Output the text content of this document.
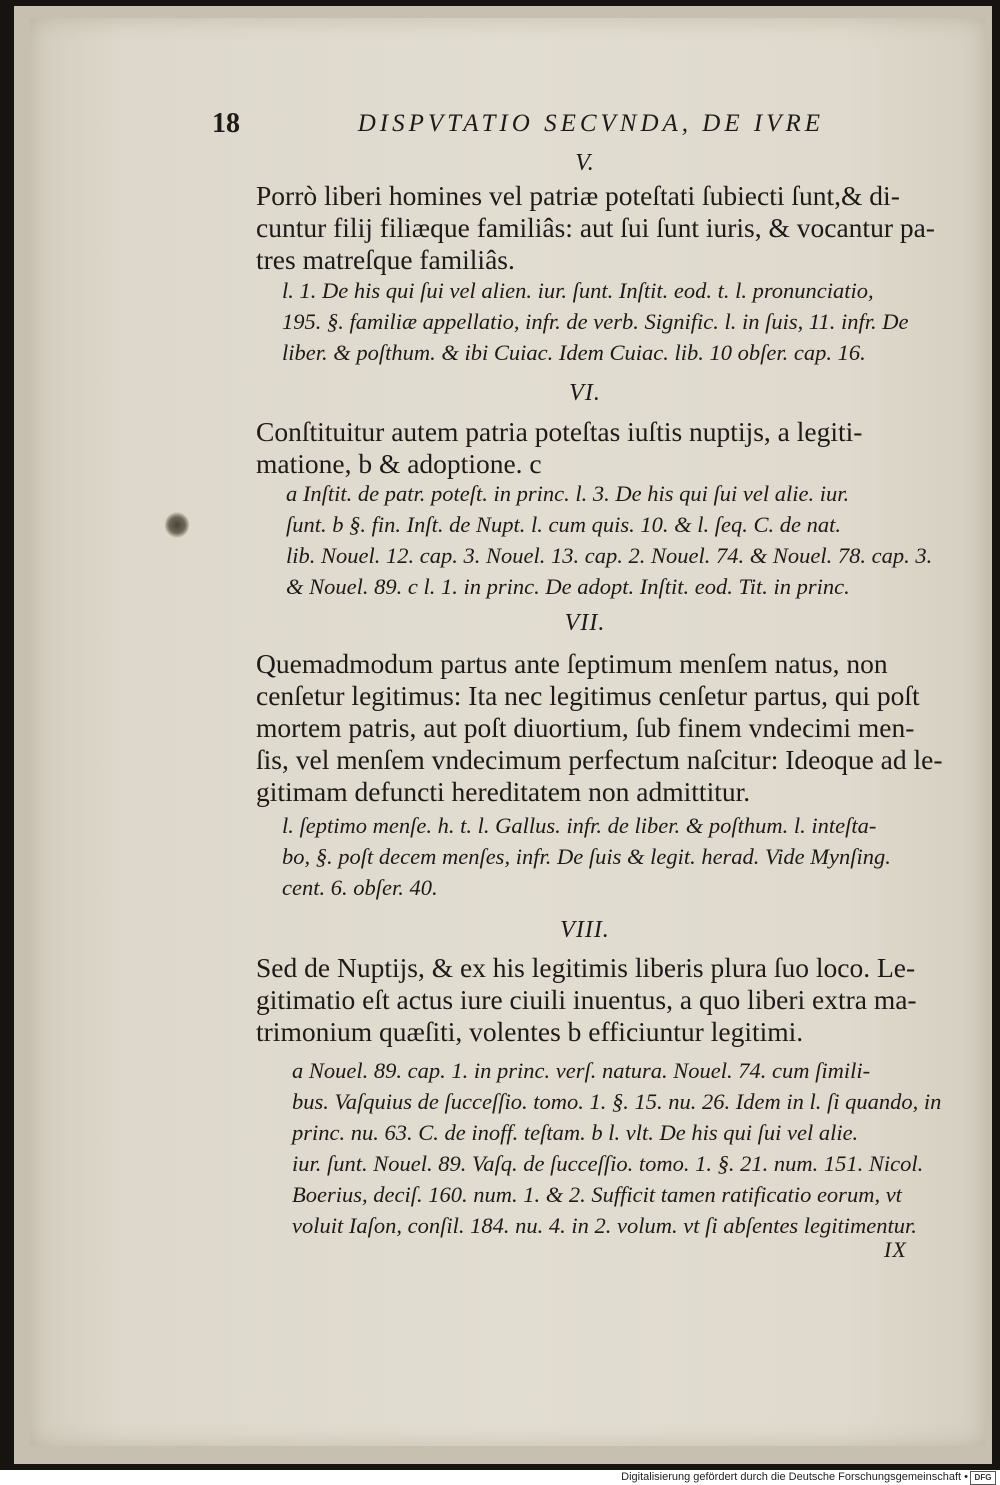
18	DISPVTATIO SECVNDA, DE IVRE
V.
Porrò liberi homines vel patriæ poteſtati ſubiecti ſunt,& di-
cuntur filij filiæque familiâs: aut ſui ſunt iuris, & vocantur pa-
tres matreſque familiâs.
l. 1. De his qui ſui vel alien. iur. ſunt. Inſtit. eod. t. l. pronunciatio,
195. §. familiæ appellatio, infr. de verb. Signific. l. in ſuis, 11. infr. De
liber. & poſthum. & ibi Cuiac. Idem Cuiac. lib. 10 obſer. cap. 16.
VI.
Conſtituitur autem patria poteſtas iuſtis nuptijs, a legiti-
matione, b & adoptione. c
a Inſtit. de patr. poteſt. in princ. l. 3. De his qui ſui vel alie. iur.
ſunt. b §. fin. Inſt. de Nupt. l. cum quis. 10. & l. ſeq. C. de nat.
lib. Nouel. 12. cap. 3. Nouel. 13. cap. 2. Nouel. 74. & Nouel. 78. cap. 3.
& Nouel. 89. c l. 1. in princ. De adopt. Inſtit. eod. Tit. in princ.
VII.
Quemadmodum partus ante ſeptimum menſem natus, non
cenſetur legitimus: Ita nec legitimus cenſetur partus, qui poſt
mortem patris, aut poſt diuortium, ſub finem vndecimi men-
ſis, vel menſem vndecimum perfectum naſcitur: Ideoque ad le-
gitimam defuncti hereditatem non admittitur.
l. ſeptimo menſe. h. t. l. Gallus. infr. de liber. & poſthum. l. inteſta-
bo, §. poſt decem menſes, infr. De ſuis & legit. herad. Vide Mynſing.
cent. 6. obſer. 40.
VIII.
Sed de Nuptijs, & ex his legitimis liberis plura ſuo loco. Le-
gitimatio eſt actus iure ciuili inuentus, a quo liberi extra ma-
trimonium quæſiti, volentes b efficiuntur legitimi.
a Nouel. 89. cap. 1. in princ. verſ. natura. Nouel. 74. cum ſimili-
bus. Vaſquius de ſucceſſio. tomo. 1. §. 15. nu. 26. Idem in l. ſi quando, in
princ. nu. 63. C. de inoff. teſtam. b l. vlt. De his qui ſui vel alie.
iur. ſunt. Nouel. 89. Vaſq. de ſucceſſio. tomo. 1. §. 21. num. 151. Nicol.
Boerius, deciſ. 160. num. 1. & 2. Sufficit tamen ratificatio eorum, vt
voluit Iaſon, conſil. 184. nu. 4. in 2. volum. vt ſi abſentes legitimentur.
IX
Digitalisierung gefördert durch die Deutsche Forschungsgemeinschaft • DFG
